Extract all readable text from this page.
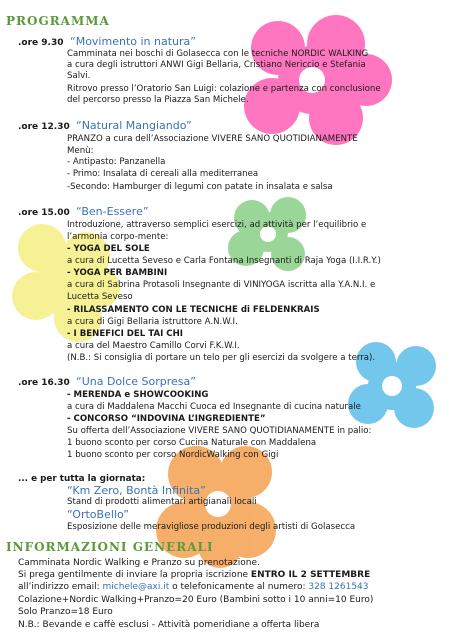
PROGRAMMA
.ore 9.30 “Movimento in natura”
Camminata nei boschi di Golasecca con le tecniche NORDIC WALKING
a cura degli istruttori ANWI Gigi Bellaria, Cristiano Nericcio e Stefania
Salvi.
Ritrovo presso l’Oratorio San Luigi: colazione e partenza con conclusione
del percorso presso la Piazza San Michele.
.ore 12.30 “Natural Mangiando”
PRANZO a cura dell’Associazione VIVERE SANO QUOTIDIANAMENTE
Menù:
- Antipasto: Panzanella
- Primo: Insalata di cereali alla mediterranea
-Secondo: Hamburger di legumi con patate in insalata e salsa
.ore 15.00 “Ben-Essere”
Introduzione, attraverso semplici esercizi, ad attività per l’equilibrio e
l’armonia corpo-mente:
- YOGA DEL SOLE
a cura di Lucetta Seveso e Carla Fontana Insegnanti di Raja Yoga (I.I.R.Y.)
- YOGA PER BAMBINI
a cura di Sabrina Protasoli Insegnante di VINIYOGA iscritta alla Y.A.N.I. e
Lucetta Seveso
- RILASSAMENTO CON LE TECNICHE di FELDENKRAIS
a cura di Gigi Bellaria istruttore A.N.W.I.
- I BENEFICI DEL TAI CHI
a cura del Maestro Camillo Corvi F.K.W.I.
(N.B.: Si consiglia di portare un telo per gli esercizi da svolgere a terra).
.ore 16.30 “Una Dolce Sorpresa”
- MERENDA e SHOWCOOKING
a cura di Maddalena Macchi Cuoca ed Insegnante di cucina naturale
- CONCORSO “INDOVINA L’INGREDIENTE”
Su offerta dell’Associazione VIVERE SANO QUOTIDIANAMENTE in palio:
1 buono sconto per corso Cucina Naturale con Maddalena
1 buono sconto per corso NordicWalking con Gigi
... e per tutta la giornata:
“Km Zero, Bontà Infinita”
Stand di prodotti alimentari artigianali locali
“OrtoBello”
Esposizione delle meravigliose produzioni degli artisti di Golasecca
INFORMAZIONI GENERALI
Camminata Nordic Walking e Pranzo su prenotazione.
Si prega gentilmente di inviare la propria iscrizione ENTRO IL 2 SETTEMBRE
all’indirizzo email: michele@axi.it o telefonicamente al numero: 328 1261543
Colazione+Nordic Walking+Pranzo=20 Euro (Bambini sotto i 10 anni=10 Euro)
Solo Pranzo=18 Euro
N.B.: Bevande e caffè esclusi - Attività pomeridiane a offerta libera
